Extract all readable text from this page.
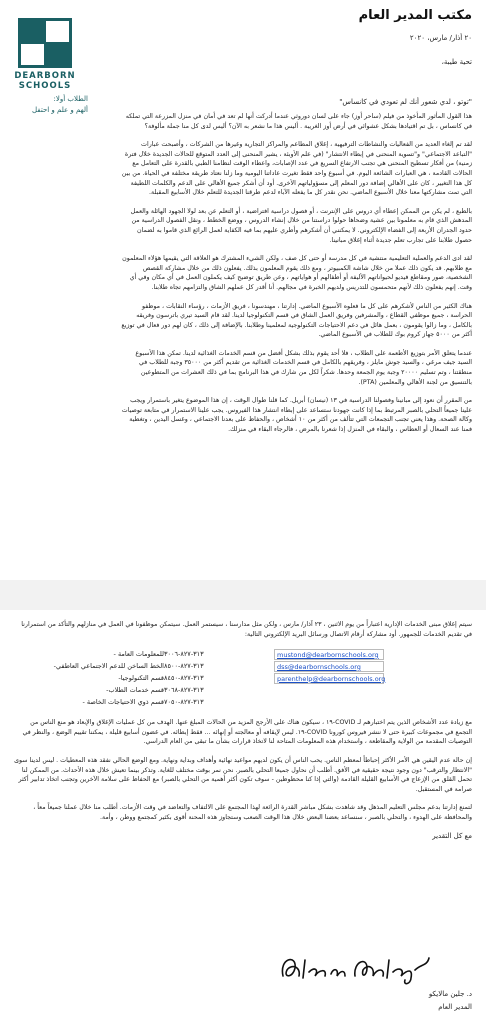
مكتب المدير العام
DEARBORN SCHOOLS
الطلاب أولا:
ألهم و علم و احتفل
٢٠ أذار/ مارس، ٢٠٢٠
تحية طيبة،
"توتو ، لدي شعور أنك لم تعودي في كانساس"

هذا القول المأثور المأخوذ من فيلم (ساحر أوز) جاء على لسان دوروثي عندما أدركت أنها لم تعد في أمان في منزل المزرعة التي تملكه في كانساس ، بل تم اقتيادها بشكل عشوائي في أرض أوز الغريبة . أليس هذا ما نشعر به الآن؟ أليس لدى كل منا جملة مألوفة؟

لقد تم إلغاء العديد من الفعاليات والنشاطات الترفيهية ، إغلاق المطاعم والمراكز التجارية وغيرها من الشركات ، وأصبحت عبارات "التباعد الاجتماعي" و"تسوية المنحنى في إبطاء الانتشار" (في علم الأوبئة ، يشير المنحنى إلى العدد المتوقع للحالات الجديدة خلال فترة زمنية) من أفكار تسطيح المنحنى هي تجنب الارتفاع السريع في عدد الإصابات، واعطاء الوقت لنظامنا الطبي بالقدرة على التعامل مع الحالات القادمة ، هي العبارات الشائعة اليوم. في أسبوع واحد فقط تغيرت عاداتنا اليومية وما زلنا نعتاد طريقة مختلفة في الحياة. من بين كل هذا التغيير ، كان على الأهالي إضافة دور المعلم إلى مسؤولياتهم الأخرى. أود أن أشكر جميع الأهالي على الدعم والكلمات اللطيفة التي تمت مشاركتها معنا خلال الأسبوع الماضي. نحن نقدر كل ما يفعله الآباء لدعم طرقنا الجديدة للتعلم خلال الأسابيع المقبلة.

بالطبع ، لم يكن من الممكن إعطاء أي دروس على الإنترنت ، أو فصول دراسية افتراضية ، أو التعلم عن بعد لولا الجهود الهائلة والعمل المدهش الذي قام به معلمونا بين عشية وضحاها حولوا دراستنا من خلال إنشاء الدروس ، ووضع الخطط ، ونقل الفصول الدراسية من حدود الجدران الأربعة إلى الفضاء الإلكتروني. لا يمكنني أن أشكرهم وأطري عليهم بما فيه الكفاية لعمل الرائع الذي قاموا به لضمان حصول طلابنا على تجارب تعلم جديدة أثناء إغلاق مبانينا.

لقد ادى الدعم والعملية التعليمية منتشية في كل مدرسة أو حتى كل صف ، ولكن الشيء المشترك هو العلاقة التي يقيمها هؤلاء المعلمون مع طلابهم. قد يكون ذلك عملا من خلال شاشة الكمبيوتر ، ومع ذلك يقوم المعلمون بذلك. يفعلون ذلك من خلال مشاركة القصص الشخصية، صور ومقاطع فيديو لحيواناتهم الأليفة أو أطفالهم أو هواياتهم ، وعن طريق توضيح كيف يكملون العمل في أي مكان وفي أي وقت. إنهم يفعلون ذلك لأنهم متحمسون للتدريس ولديهم الخبرة في مجالهم. أنا أقدر كل عملهم الشاق والتزامهم تجاه طلابنا.

هناك الكثير من الناس لأشكرهم على كل ما فعلوه الأسبوع الماضي. إدارتنا ، مهندسونا ، فريق الأزمات ، رؤساء النقابات ، موظفو الحراسة ، جميع موظفي القطاع ، والمشرفين وفريق العمل الشاق في قسم التكنولوجيا لدينا. لقد قام السيد تيري باترسون وفريقه بالكامل ، وما زالوا يقومون ، بعمل هائل في دعم الاحتياجات التكنولوجية لمعلمينا وطلابنا. بالإضافة إلى ذلك ، كان لهم دور فعال في توزيع أكثر من ٥٠٠٠ جهاز كروم بوك للطلاب في الأسبوع الماضي.

عندما يتعلق الأمر بتوزيع الأطعمة على الطلاب ، فلا أحد يقوم بذلك بشكل أفضل من قسم الخدمات الغذائية لدينا. تمكن هذا الأسبوع السيد جيف مرغي ، والسيد جوش مايلز ، وفريقهم بالكامل في قسم الخدمات الغذائية من تقديم أكثر من ٣٥٠٠٠ وجبة للطلاب في منطقتنا ، وتم تسليم ٢٠٠٠٠ وجبة يوم الجمعة وحدها. شكراً لكل من شارك في هذا البرنامج بما في ذلك العشرات من المتطوعين بالتنسيق من لجنة الأهالي والمعلمين (PTA).

من المقرر أن نعود إلى مبانينا وفصولنا الدراسية في ١٣ (نيسان) أبريل. كما قلنا طوال الوقت ، إن هذا الموضوع يتغير باستمرار ويجب علينا جميعاً التحلي بالصبر المرتبط بما إذا كانت جهودنا ستساعد على إبطاء انتشار هذا الفيروس. يجب علينا الاستمرار في متابعة توصيات وكالة الصحة. وهذا يعني تجنب التجمعات التي تتألف من أكثر من ١٠ أشخاص ، والحفاظ على بعدنا الاجتماعي ، وغسل اليدين ، وتغطية فمنا عند السعال أو العطاس ، والبقاء في المنزل إذا شعرنا بالمرض ، فالرجاء البقاء في منزلك.

سيتم إغلاق مبنى الخدمات الإدارية اعتباراً من يوم الاثنين ، ٢٣ آذار/ مارس ، ولكن مثل مدارسنا ، سيستمر العمل. سيتمكن موظفونا في العمل في منازلهم والتأكد من استمرارنا في تقديم الخدمات للجمهور. أود مشاركة أرقام الاتصال ورسائل البريد الإلكتروني التالية:

للمعلومات العامة - ٣١٣-٨٢٧-٣٠٠٦	mustond@dearbornschools.org
الخط الساخن للدعم الاجتماعي العاطفي- ٣١٣-٨٢٧-٨٥٠٠	dss@dearbornschools.org
قسم التكنولوجيا- ٣١٣-٨٢٧-٨٤٥٠	parenthelp@dearbornschools.org
قسم خدمات الطلاب- ٣١٣-٨٢٧-٣٠٦٨
قسم ذوي الاحتياجات الخاصة - ٣١٣-٨٢٧-٧٠٥٠

مع زيادة عدد الأشخاص الذين يتم اختبارهم لـ COVID-١٩ ، سيكون هناك على الأرجح المزيد من الحالات المبلغ عنها. الهدف من كل عمليات الإغلاق والإبعاد هو منع الناس من التجمع في مجموعات كبيرة حتى لا ننشر فيروس كورونا COVID-١٩. ليس لإيقافه أو معالجته أو إنهائه ... فقط إبطائه. في غضون أسابيع قليلة ، يمكننا تقييم الوضع ، والنظر في التوصيات المقدمة من الولاية والمقاطعة ، واستخدام هذه المعلومات المتاحة لنا لاتخاذ قرارات بشأن ما تبقى من العام الدراسي.

إن حالة عدم اليقين هي الأمر الأكثر إحباطاً لمعظم الناس. يحب الناس أن يكون لديهم مواعيد نهائية وأهداف وبداية ونهاية. ومع الوضع الحالي نفقد هذه المعطيات . ليس لدينا سوى "الانتظار والترقب" دون وجود نتيجة حقيقية في الأفق. أطلب أن نحاول جميعا التحلي بالصبر. نحن نمر بوقت مختلف للغاية. وتذكر بينما تعيش خلال هذه الأحداث. من الممكن لنا تحمل القلق من الإزعاج في الأسابيع القليلة القادمة (والتي إذا كنا محظوظين - سوف تكون أكثر أهمية من التحلي بالصبر) مع الحفاظ على سلامة الآخرين وتجنب اتخاذ تدابير أكثر صرامة في المستقبل.

لتمنع إدارتنا بدعم مجلس التعليم المذهل وقد شاهدت بشكل مباشر القدرة الرائعة لهذا المجتمع على الالتفاف والتعاضد في وقت الأزمات. أطلب منا خلال عملنا جميعاً معاً ، والمحافظة على الهدوء ، والتحلي بالصبر ، سنساعد بعضنا البعض خلال هذا الوقت الصعب وستجاوز هذه المحنة أقوى بكثير كمجتمع ووطن ، وأمة.

مع كل التقدير
د. جلين مالايكو
المدير العام
